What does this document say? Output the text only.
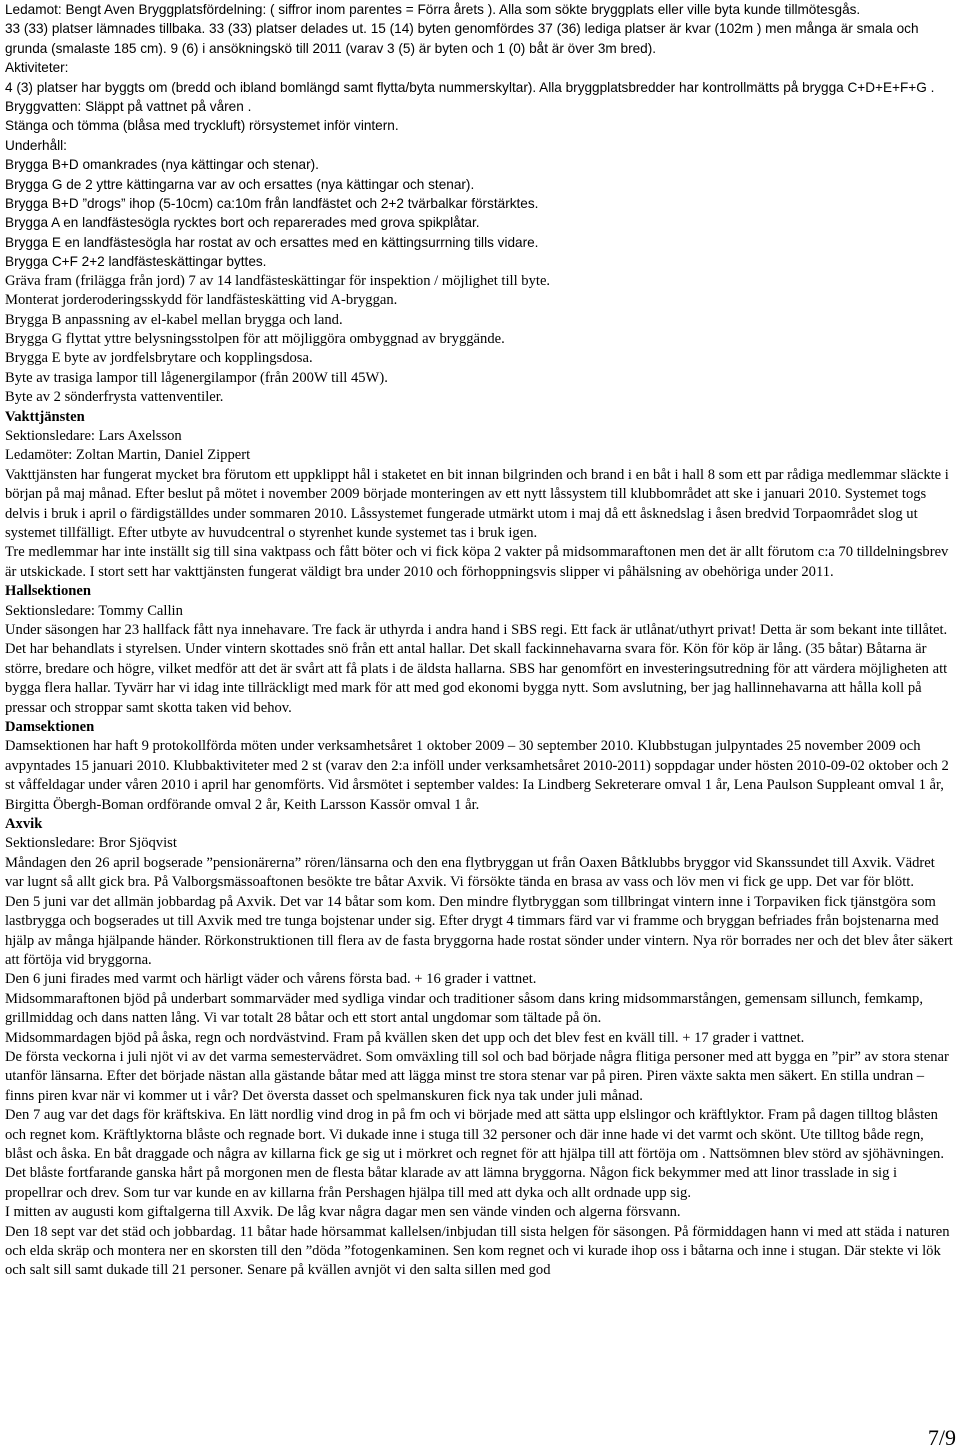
Ledamot: Bengt Aven Bryggplatsfördelning: ( siffror inom parentes = Förra årets ). Alla som sökte bryggplats eller ville byta kunde tillmötesgås.

33 (33) platser lämnades tillbaka. 33 (33) platser delades ut. 15 (14) byten genomfördes 37 (36) lediga platser är kvar (102m ) men många är smala och grunda (smalaste 185 cm). 9 (6) i ansökningskö till 2011 (varav 3 (5) är byten och 1 (0) båt är över 3m bred).

Aktiviteter:

4 (3) platser har byggts om (bredd och ibland bomlängd samt flytta/byta nummerskyltar). Alla bryggplatsbredder har kontrollmätts på brygga C+D+E+F+G . Bryggvatten: Släppt på vattnet på våren .

Stänga och tömma (blåsa med tryckluft) rörsystemet inför vintern.

Underhåll:

Brygga B+D omankrades (nya kättingar och stenar).

Brygga G de 2 yttre kättingarna var av och ersattes (nya kättingar och stenar).

Brygga B+D ”drogs” ihop (5-10cm) ca:10m från landfästet och 2+2 tvärbalkar förstärktes.

Brygga A en landfästesögla rycktes bort och reparerades med grova spikplåtar.

Brygga E en landfästesögla har rostat av och ersattes med en kättingsurrning tills vidare.

Brygga C+F 2+2 landfästeskättingar byttes.

Gräva fram (frilägga från jord) 7 av 14 landfästeskättingar för inspektion / möjlighet till byte.

Monterat jorderoderingsskydd för landfästeskätting vid A-bryggan.

Brygga B anpassning av el-kabel mellan brygga och land.

Brygga G flyttat yttre belysningsstolpen för att möjliggöra ombyggnad av bryggände.

Brygga E byte av jordfelsbrytare och kopplingsdosa.

Byte av trasiga lampor till lågenergilampor (från 200W till 45W).

Byte av 2 sönderfrysta vattenventiler.

Vakttjänsten

Sektionsledare: Lars Axelsson

Ledamöter: Zoltan Martin, Daniel Zippert

Vakttjänsten har fungerat mycket bra förutom ett uppklippt hål i staketet en bit innan bilgrinden och brand i en båt i hall 8 som ett par rådiga medlemmar släckte i början på maj månad. Efter beslut på mötet i november 2009 började monteringen av ett nytt låssystem till klubbområdet att ske i januari 2010. Systemet togs delvis i bruk i april o färdigställdes under sommaren 2010. Låssystemet fungerade utmärkt utom i maj då ett åsknedslag i åsen bredvid Torpaområdet slog ut systemet tillfälligt. Efter utbyte av huvudcentral o styrenhet kunde systemet tas i bruk igen.

Tre medlemmar har inte inställt sig till sina vaktpass och fått böter och vi fick köpa 2 vakter på midsommaraftonen men det är allt förutom c:a 70 tilldelningsbrev är utskickade. I stort sett har vakttjänsten fungerat väldigt bra under 2010 och förhoppningsvis slipper vi påhälsning av obehöriga under 2011.

Hallsektionen

Sektionsledare: Tommy Callin

Under säsongen har 23 hallfack fått nya innehavare. Tre fack är uthyrda i andra hand i SBS regi. Ett fack är utlånat/uthyrt privat! Detta är som bekant inte tillåtet. Det har behandlats i styrelsen. Under vintern skottades snö från ett antal hallar. Det skall fackinnehavarna svara för. Kön för köp är lång. (35 båtar) Båtarna är större, bredare och högre, vilket medför att det är svårt att få plats i de äldsta hallarna. SBS har genomfört en investeringsutredning för att värdera möjligheten att bygga flera hallar. Tyvärr har vi idag inte tillräckligt med mark för att med god ekonomi bygga nytt. Som avslutning, ber jag hallinnehavarna att hålla koll på pressar och stroppar samt skotta taken vid behov.

Damsektionen

Damsektionen har haft 9 protokollförda möten under verksamhetsåret 1 oktober 2009 – 30 september 2010. Klubbstugan julpyntades 25 november 2009 och avpyntades 15 januari 2010. Klubbaktiviteter med 2 st (varav den 2:a inföll under verksamhetsåret 2010-2011) soppdagar under hösten 2010-09-02 oktober och 2 st våffeldagar under våren 2010 i april har genomförts. Vid årsmötet i september valdes: Ia Lindberg Sekreterare omval 1 år, Lena Paulson Suppleant omval 1 år, Birgitta Öbergh-Boman ordförande omval 2 år, Keith Larsson Kassör omval 1 år.

Axvik

Sektionsledare: Bror Sjöqvist

Måndagen den 26 april bogserade ”pensionärerna” rören/länsarna och den ena flytbryggan ut från Oaxen Båtklubbs bryggor vid Skanssundet till Axvik. Vädret var lugnt så allt gick bra. På Valborgsmässoaftonen besökte tre båtar Axvik. Vi försökte tända en brasa av vass och löv men vi fick ge upp. Det var för blött.

Den 5 juni var det allmän jobbardag på Axvik. Det var 14 båtar som kom. Den mindre flytbryggan som tillbringat vintern inne i Torpaviken fick tjänstgöra som lastbrygga och bogserades ut till Axvik med tre tunga bojstenar under sig. Efter drygt 4 timmars färd var vi framme och bryggan befriades från bojstenarna med hjälp av många hjälpande händer. Rörkonstruktionen till flera av de fasta bryggorna hade rostat sönder under vintern. Nya rör borrades ner och det blev åter säkert att förtöja vid bryggorna.

Den 6 juni firades med varmt och härligt väder och vårens första bad. + 16 grader i vattnet.

Midsommaraftonen bjöd på underbart sommarväder med sydliga vindar och traditioner såsom dans kring midsommarstången, gemensam sillunch, femkamp, grillmiddag och dans natten lång. Vi var totalt 28 båtar och ett stort antal ungdomar som tältade på ön.

Midsommardagen bjöd på åska, regn och nordvästvind. Fram på kvällen sken det upp och det blev fest en kväll till. + 17 grader i vattnet.

De första veckorna i juli njöt vi av det varma semestervädret. Som omväxling till sol och bad började några flitiga personer med att bygga en ”pir” av stora stenar utanför länsarna. Efter det började nästan alla gästande båtar med att lägga minst tre stora stenar var på piren. Piren växte sakta men säkert. En stilla undran – finns piren kvar när vi kommer ut i vår? Det översta dasset och spelmanskuren fick nya tak under juli månad.

Den 7 aug var det dags för kräftskiva. En lätt nordlig vind drog in på fm och vi började med att sätta upp elslingor och kräftlyktor. Fram på dagen tilltog blåsten och regnet kom. Kräftlyktorna blåste och regnade bort. Vi dukade inne i stuga till 32 personer och där inne hade vi det varmt och skönt. Ute tilltog både regn, blåst och åska. En båt draggade och några av killarna fick ge sig ut i mörkret och regnet för att hjälpa till att förtöja om . Nattsömnen blev störd av sjöhävningen. Det blåste fortfarande ganska hårt på morgonen men de flesta båtar klarade av att lämna bryggorna. Någon fick bekymmer med att linor trasslade in sig i propellrar och drev. Som tur var kunde en av killarna från Pershagen hjälpa till med att dyka och allt ordnade upp sig.

I mitten av augusti kom giftalgerna till Axvik. De låg kvar några dagar men sen vände vinden och algerna försvann.

Den 18 sept var det städ och jobbardag. 11 båtar hade hörsammat kallelsen/inbjudan till sista helgen för säsongen. På förmiddagen hann vi med att städa i naturen och elda skräp och montera ner en skorsten till den ”döda ”fotogenkaminen. Sen kom regnet och vi kurade ihop oss i båtarna och inne i stugan. Där stekte vi lök och salt sill samt dukade till 21 personer. Senare på kvällen avnjöt vi den salta sillen med god

7/9
